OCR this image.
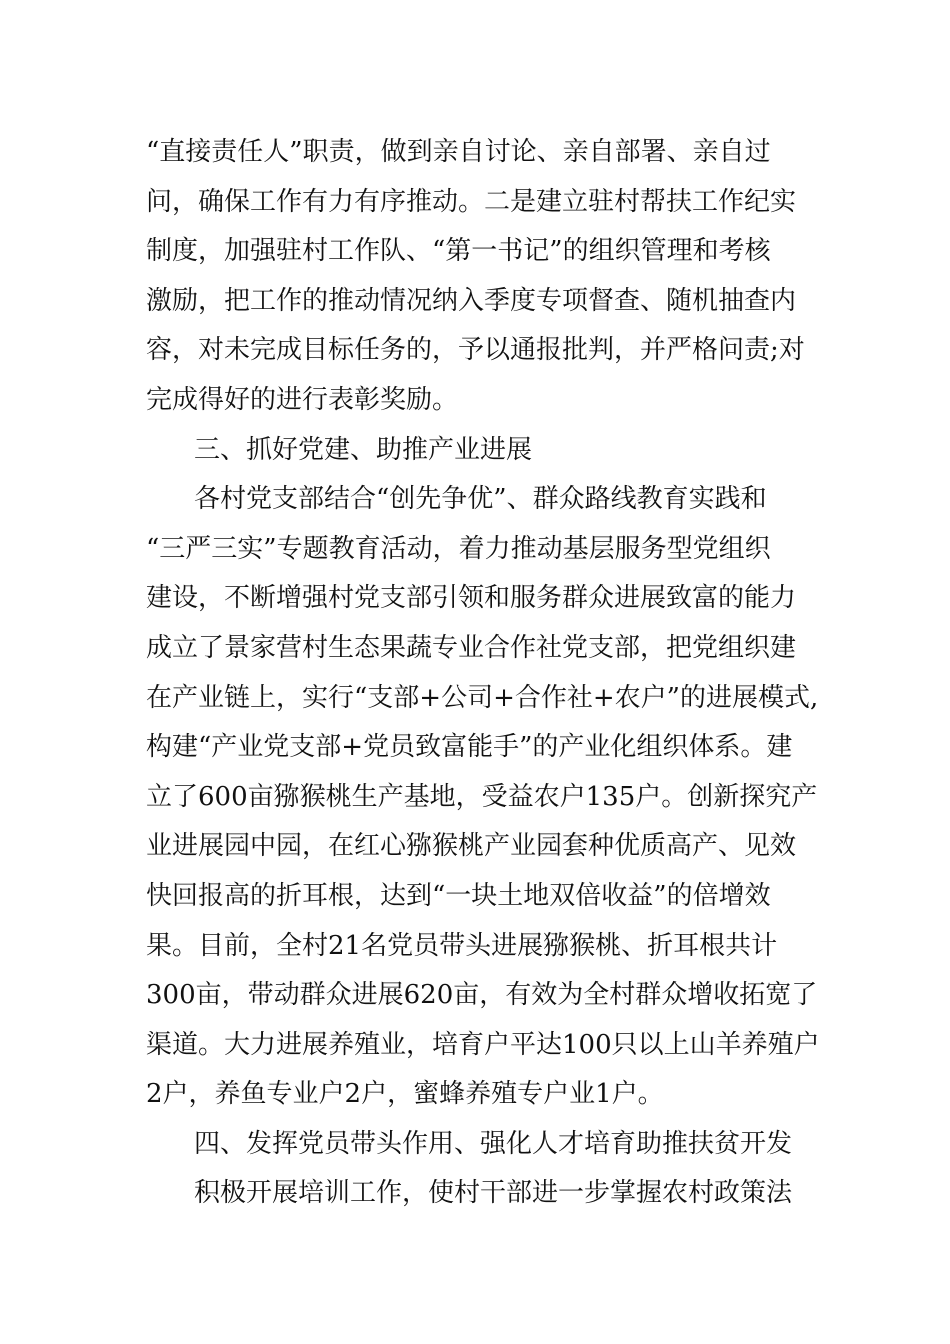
“直接责任人”职责，做到亲自讨论、亲自部署、亲自过
问，确保工作有力有序推动。二是建立驻村帮扶工作纪实
制度，加强驻村工作队、“第一书记”的组织管理和考核
激励，把工作的推动情况纳入季度专项督查、随机抽查内
容，对未完成目标任务的，予以通报批判，并严格问责;对
完成得好的进行表彰奖励。
三、抓好党建、助推产业进展
各村党支部结合“创先争优”、群众路线教育实践和
“三严三实”专题教育活动，着力推动基层服务型党组织
建设，不断增强村党支部引领和服务群众进展致富的能力
成立了景家营村生态果蔬专业合作社党支部，把党组织建
在产业链上，实行“支部+公司+合作社+农户”的进展模式,
构建“产业党支部+党员致富能手”的产业化组织体系。建
立了600亩猕猴桃生产基地，受益农户135户。创新探究产
业进展园中园，在红心猕猴桃产业园套种优质高产、见效
快回报高的折耳根，达到“一块土地双倍收益”的倍增效
果。目前，全村21名党员带头进展猕猴桃、折耳根共计
300亩，带动群众进展620亩，有效为全村群众增收拓宽了
渠道。大力进展养殖业，培育户平达100只以上山羊养殖户
2户，养鱼专业户2户，蜜蜂养殖专户业1户。
四、发挥党员带头作用、强化人才培育助推扶贫开发
积极开展培训工作，使村干部进一步掌握农村政策法
